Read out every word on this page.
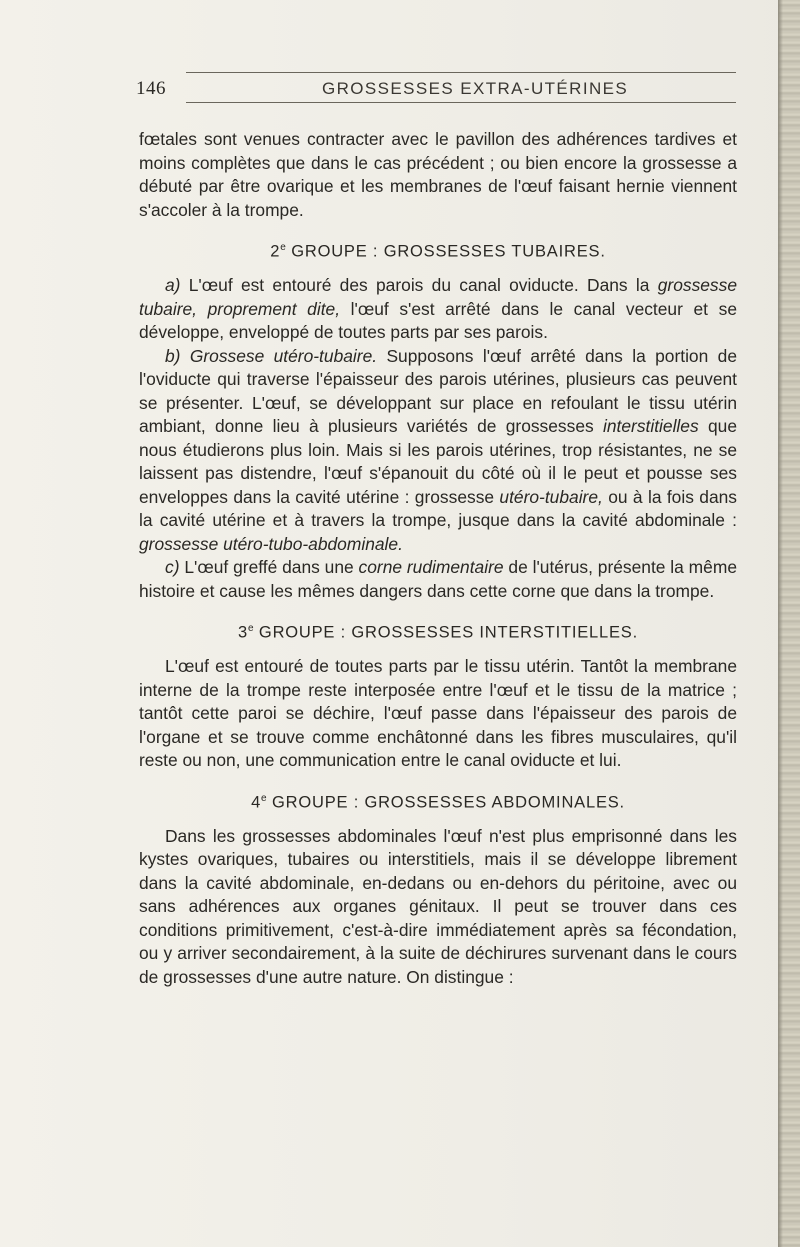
146	GROSSESSES EXTRA-UTÉRINES

fœtales sont venues contracter avec le pavillon des adhérences tardives et moins complètes que dans le cas précédent ; ou bien encore la grossesse a débuté par être ovarique et les membranes de l'œuf faisant hernie viennent s'accoler à la trompe.

2e GROUPE : GROSSESSES TUBAIRES.

a) L'œuf est entouré des parois du canal oviducte. Dans la grossesse tubaire, proprement dite, l'œuf s'est arrêté dans le canal vecteur et se développe, enveloppé de toutes parts par ses parois.

b) Grossese utéro-tubaire. Supposons l'œuf arrêté dans la portion de l'oviducte qui traverse l'épaisseur des parois utérines, plusieurs cas peuvent se présenter. L'œuf, se développant sur place en refoulant le tissu utérin ambiant, donne lieu à plusieurs variétés de grossesses interstitielles que nous étudierons plus loin. Mais si les parois utérines, trop résistantes, ne se laissent pas distendre, l'œuf s'épanouit du côté où il le peut et pousse ses enveloppes dans la cavité utérine : grossesse utéro-tubaire, ou à la fois dans la cavité utérine et à travers la trompe, jusque dans la cavité abdominale : grossesse utéro-tubo-abdominale.

c) L'œuf greffé dans une corne rudimentaire de l'utérus, présente la même histoire et cause les mêmes dangers dans cette corne que dans la trompe.

3e GROUPE : GROSSESSES INTERSTITIELLES.

L'œuf est entouré de toutes parts par le tissu utérin. Tantôt la membrane interne de la trompe reste interposée entre l'œuf et le tissu de la matrice ; tantôt cette paroi se déchire, l'œuf passe dans l'épaisseur des parois de l'organe et se trouve comme enchâtonné dans les fibres musculaires, qu'il reste ou non, une communication entre le canal oviducte et lui.

4e GROUPE : GROSSESSES ABDOMINALES.

Dans les grossesses abdominales l'œuf n'est plus emprisonné dans les kystes ovariques, tubaires ou interstitiels, mais il se développe librement dans la cavité abdominale, en-dedans ou en-dehors du péritoine, avec ou sans adhérences aux organes génitaux. Il peut se trouver dans ces conditions primitivement, c'est-à-dire immédiatement après sa fécondation, ou y arriver secondairement, à la suite de déchirures survenant dans le cours de grossesses d'une autre nature. On distingue :
